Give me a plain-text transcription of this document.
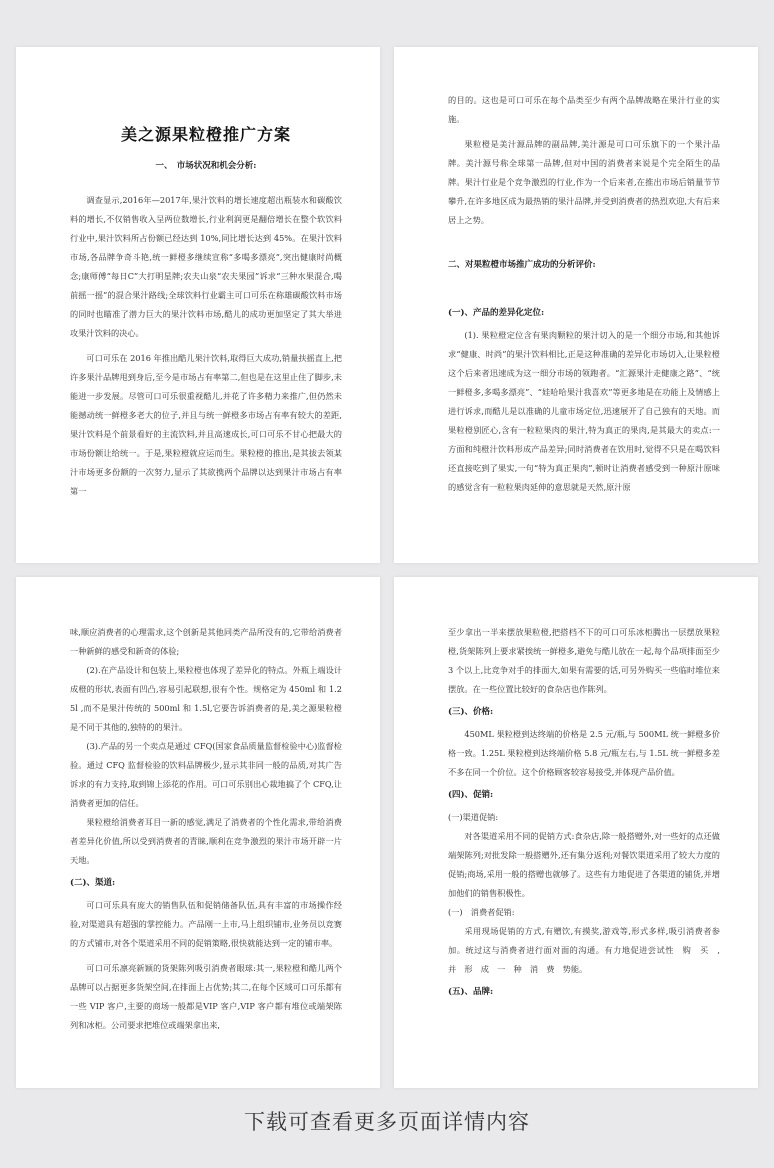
美之源果粒橙推广方案
一、　市场状况和机会分析:

调查显示,2016年—2017年,果汁饮料的增长速度超出瓶装水和碳酸饮料的增长,不仅销售收入呈两位数增长,行业利润更是翻倍增长在整个软饮料行业中,果汁饮料所占份额已经达到 10%,同比增长达到 45%。在果汁饮料市场,各品牌争奇斗艳,统一鲜橙多继续宣称“多喝多漂亮”,突出健康时尚概念;康师傅“每日C”大打明星牌;农夫山泉“农夫果园”诉求“三种水果混合,喝前摇一摇”的混合果汁路线;全球饮料行业霸主可口可乐在称雄碳酸饮料市场的同时也瞄准了潜力巨大的果汁饮料市场,酷儿的成功更加坚定了其大举进攻果汁饮料的决心。

可口可乐在 2016 年推出酷儿果汁饮料,取得巨大成功,销量扶摇直上,把许多果汁品牌甩到身后,至今是市场占有率第二,但也是在这里止住了脚步,未能进一步发展。尽管可口可乐很重视酷儿,并花了许多精力来推广,但仍然未能撼动统一鲜橙多老大的位子,并且与统一鲜橙多市场占有率有较大的差距,果汁饮料是个前景看好的主流饮料,并且高速成长,可口可乐不甘心把最大的市场份额让给统一。于是,果粒橙就应运而生。果粒橙的推出,是其拔去领某汁市场更多份额的一次努力,显示了其欲携两个品牌以达到果汁市场占有率第一

的目的。这也是可口可乐在每个品类至少有两个品牌战略在果汁行业的实施。

果粒橙是美汁源品牌的副品牌,美汁源是可口可乐旗下的一个果汁品牌。美汁源号称全球第一品牌,但对中国的消费者来说是个完全陌生的品牌。果汁行业是个竞争激烈的行业,作为一个后来者,在推出市场后销量节节攀升,在许多地区成为最热销的果汁品牌,并受到消费者的热烈欢迎,大有后来居上之势。

二、对果粒橙市场推广成功的分析评价:
(一)、产品的差异化定位:

(1). 果粒橙定位含有果肉颗粒的果汁切入的是一个细分市场,和其他诉求“健康、时尚”的果汁饮料相比,正是这种准确的差异化市场切入,让果粒橙这个后来者迅速成为这一细分市场的领跑者。“汇源果汁走健康之路”、“统一鲜橙多,多喝多漂亮”、“娃哈哈果汁我喜欢”等更多地是在功能上及情感上进行诉求,而酷儿是以准确的儿童市场定位,迅速展开了自己独有的天地。而果粒橙别匠心,含有一粒粒果肉的果汁,特为真正的果肉,是其最大的卖点:一方面和纯橙汁饮料形成产品差异;同时消费者在饮用时,觉得不只是在喝饮料还直接吃到了果实,一句“特为真正果肉”,顿时让消费者感受到一种原汁原味的感觉含有一粒粒果肉延伸的意思就是天然,原汁原

味,顺应消费者的心理需求,这个创新是其他同类产品所没有的,它带给消费者一种新鲜的感受和新奇的体验;

(2).在产品设计和包装上,果粒橙也体现了差异化的特点。外瓶上端设计成橙的形状,表面有凹凸,容易引起联想,很有个性。规格定为 450ml 和 1.25l ,而不是果汁传统的 500ml 和 1.5l,它要告诉消费者的是,美之源果粒橙是不同于其他的,独特的的果汁。

(3).产品的另一个卖点是通过 CFQ(国家食品质量监督检验中心)监督检验。通过 CFQ 监督检验的饮料品牌极少,显示其非同一般的品质,对其广告诉求的有力支持,取到锦上添花的作用。可口可乐别出心裁地搞了个 CFQ,让消费者更加的信任。

果粒橙给消费者耳目一新的感觉,满足了消费者的个性化需求,带给消费者差异化价值,所以受到消费者的青睐,顺利在竞争激烈的果汁市场开辟一片天地。

(二)、渠道:

可口可乐具有庞大的销售队伍和促销储备队伍,具有丰富的市场操作经验,对渠道具有超强的掌控能力。产品刚一上市,马上组织铺市,业务员以竞赛的方式铺市,对各个渠道采用不同的促销策略,很快就能达到一定的铺市率。

可口可乐凛亮新颖的货架陈列吸引消费者眼球:其一,果粒橙和酷儿两个品牌可以占据更多货架空间,在排面上占优势;其二,在每个区域可口可乐都有一些 VIP 客户,主要的商场一般都是VIP 客户,VIP 客户都有堆位或端架陈列和冰柜。公司要求把堆位或端架拿出来,

至少拿出一半来摆放果粒橙,把搭档不下的可口可乐冰柜腾出一层摆放果粒橙,货架陈列上要求紧挨统一鲜橙多,避免与酷儿放在一起,每个品项排面至少 3 个以上,比竞争对手的排面大,如果有需要的话,可另外购买一些临时堆位来摆放。在一些位置比较好的食杂店也作陈列。

(三)、价格:

450ML 果粒橙到达终端的价格是 2.5 元/瓶,与 500ML 统一鲜橙多价格一致。1.25L 果粒橙到达终端价格 5.8 元/瓶左右,与 1.5L 统一鲜橙多差不多在同一个价位。这个价格顾客较容易接受,并体现产品价值。

(四)、促销:

(一)渠道促销:

对各渠道采用不同的促销方式:食杂店,除一般搭赠外,对一些好的点还做端架陈列;对批发除一般搭赠外,还有集分返利;对餐饮渠道采用了较大力度的促销;商场,采用一般的搭赠也就够了。这些有力地促进了各渠道的铺货,并增加他们的销售积极性。

(一)　消费者促销:

采用现场促销的方式,有赠饮,有摸奖,游戏等,形式多样,吸引消费者参加。统过这与消费者进行面对面的沟通。有力地促进尝试性　购　买　,　并　形　成　一　种　消　费　势能。

(五)、品牌:
下载可查看更多页面详情内容
